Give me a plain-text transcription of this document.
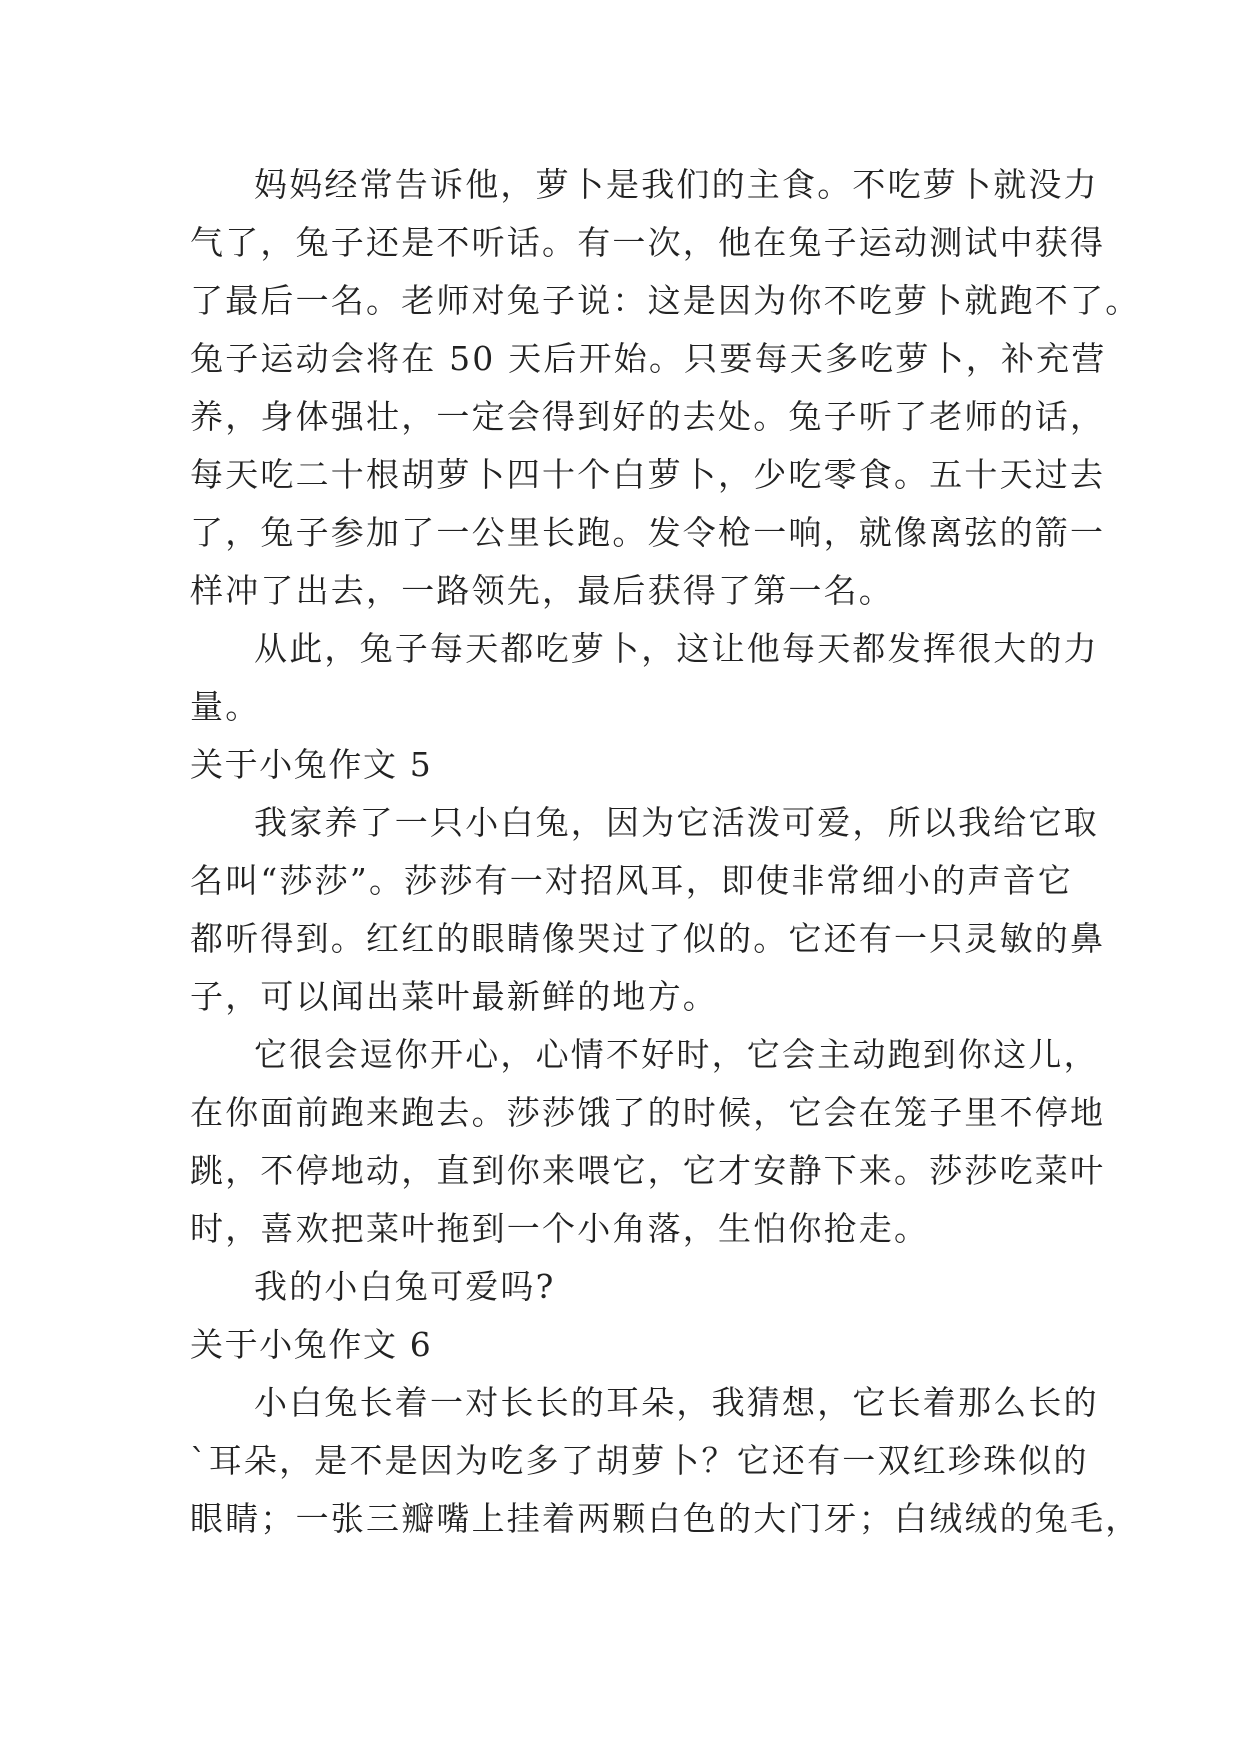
妈妈经常告诉他，萝卜是我们的主食。不吃萝卜就没力
气了，兔子还是不听话。有一次，他在兔子运动测试中获得
了最后一名。老师对兔子说：这是因为你不吃萝卜就跑不了。
兔子运动会将在 50 天后开始。只要每天多吃萝卜，补充营
养，身体强壮，一定会得到好的去处。兔子听了老师的话，
每天吃二十根胡萝卜四十个白萝卜，少吃零食。五十天过去
了，兔子参加了一公里长跑。发令枪一响，就像离弦的箭一
样冲了出去，一路领先，最后获得了第一名。
从此，兔子每天都吃萝卜，这让他每天都发挥很大的力
量。
关于小兔作文 5
我家养了一只小白兔，因为它活泼可爱，所以我给它取
名叫“莎莎”。莎莎有一对招风耳，即使非常细小的声音它
都听得到。红红的眼睛像哭过了似的。它还有一只灵敏的鼻
子，可以闻出菜叶最新鲜的地方。
它很会逗你开心，心情不好时，它会主动跑到你这儿，
在你面前跑来跑去。莎莎饿了的时候，它会在笼子里不停地
跳，不停地动，直到你来喂它，它才安静下来。莎莎吃菜叶
时，喜欢把菜叶拖到一个小角落，生怕你抢走。
我的小白兔可爱吗?
关于小兔作文 6
小白兔长着一对长长的耳朵，我猜想，它长着那么长的
`耳朵，是不是因为吃多了胡萝卜？它还有一双红珍珠似的
眼睛；一张三瓣嘴上挂着两颗白色的大门牙；白绒绒的兔毛，
